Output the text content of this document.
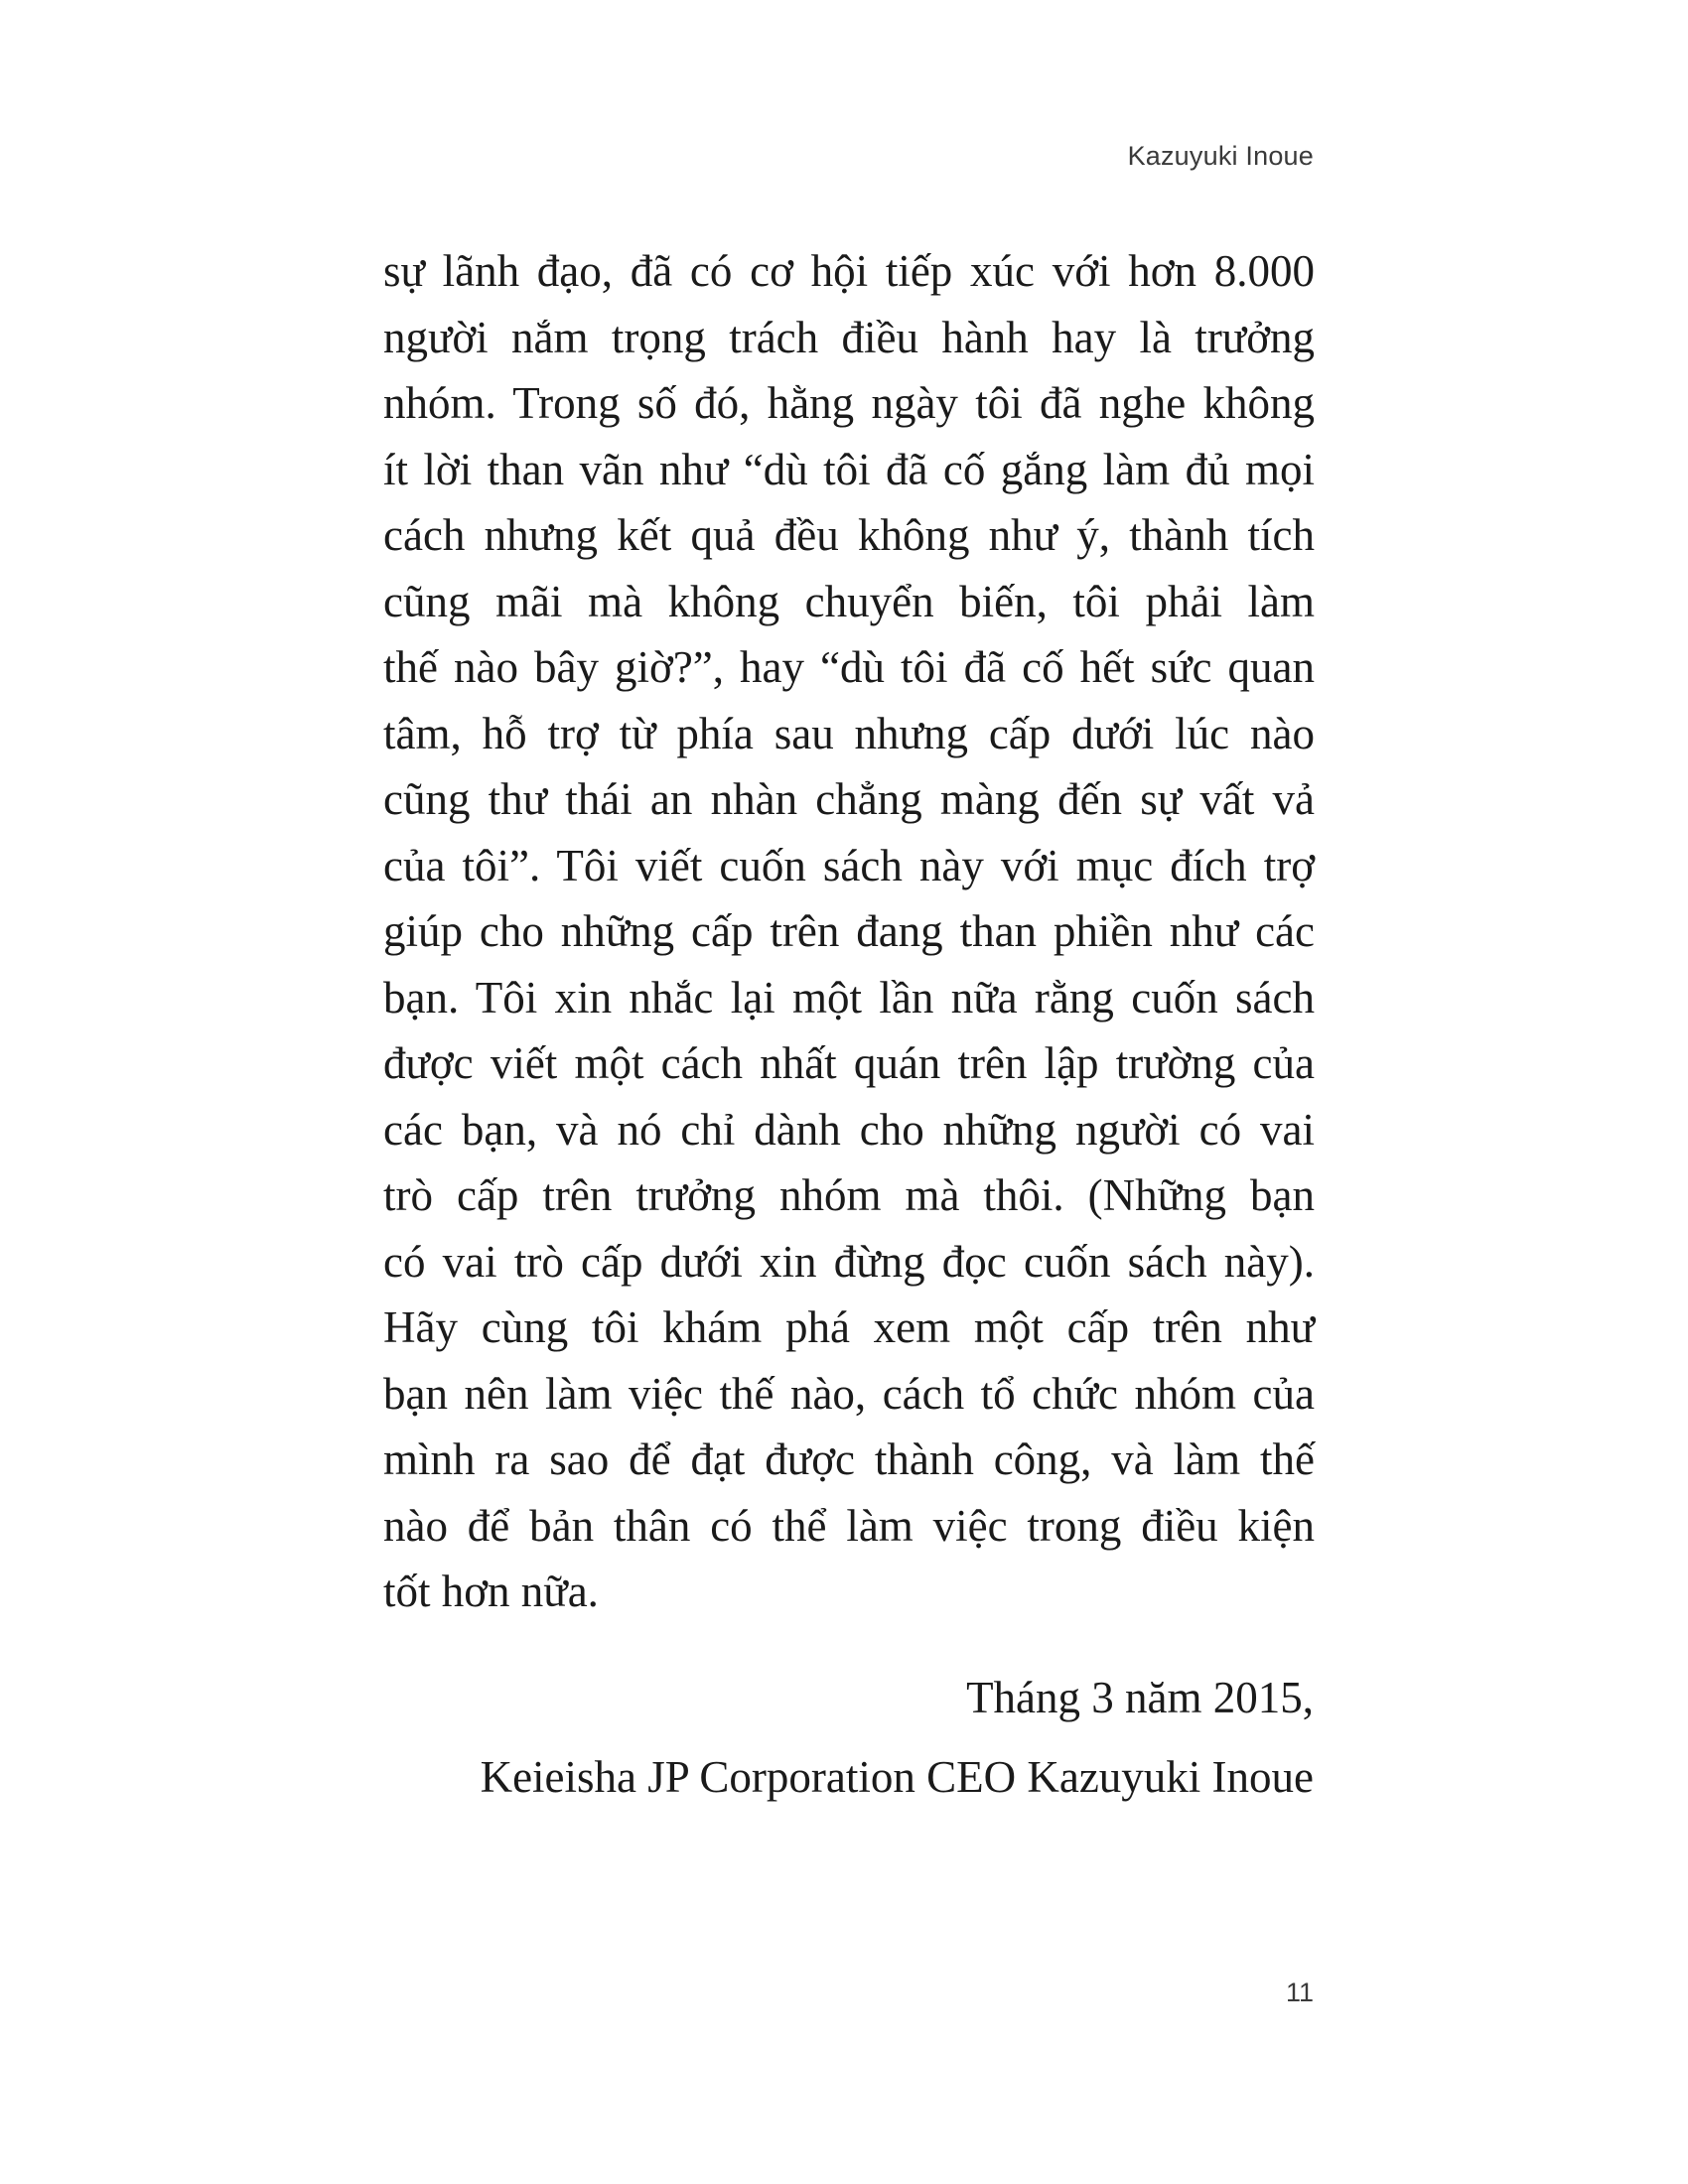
Kazuyuki Inoue
sự lãnh đạo, đã có cơ hội tiếp xúc với hơn 8.000
người nắm trọng trách điều hành hay là trưởng
nhóm. Trong số đó, hằng ngày tôi đã nghe không
ít lời than vãn như “dù tôi đã cố gắng làm đủ mọi
cách nhưng kết quả đều không như ý, thành tích
cũng mãi mà không chuyển biến, tôi phải làm
thế nào bây giờ?”, hay “dù tôi đã cố hết sức quan
tâm, hỗ trợ từ phía sau nhưng cấp dưới lúc nào
cũng thư thái an nhàn chẳng màng đến sự vất vả
của tôi”. Tôi viết cuốn sách này với mục đích trợ
giúp cho những cấp trên đang than phiền như các
bạn. Tôi xin nhắc lại một lần nữa rằng cuốn sách
được viết một cách nhất quán trên lập trường của
các bạn, và nó chỉ dành cho những người có vai
trò cấp trên trưởng nhóm mà thôi. (Những bạn
có vai trò cấp dưới xin đừng đọc cuốn sách này).
Hãy cùng tôi khám phá xem một cấp trên như
bạn nên làm việc thế nào, cách tổ chức nhóm của
mình ra sao để đạt được thành công, và làm thế
nào để bản thân có thể làm việc trong điều kiện
tốt hơn nữa.
Tháng 3 năm 2015,
Keieisha JP Corporation CEO Kazuyuki Inoue
11
